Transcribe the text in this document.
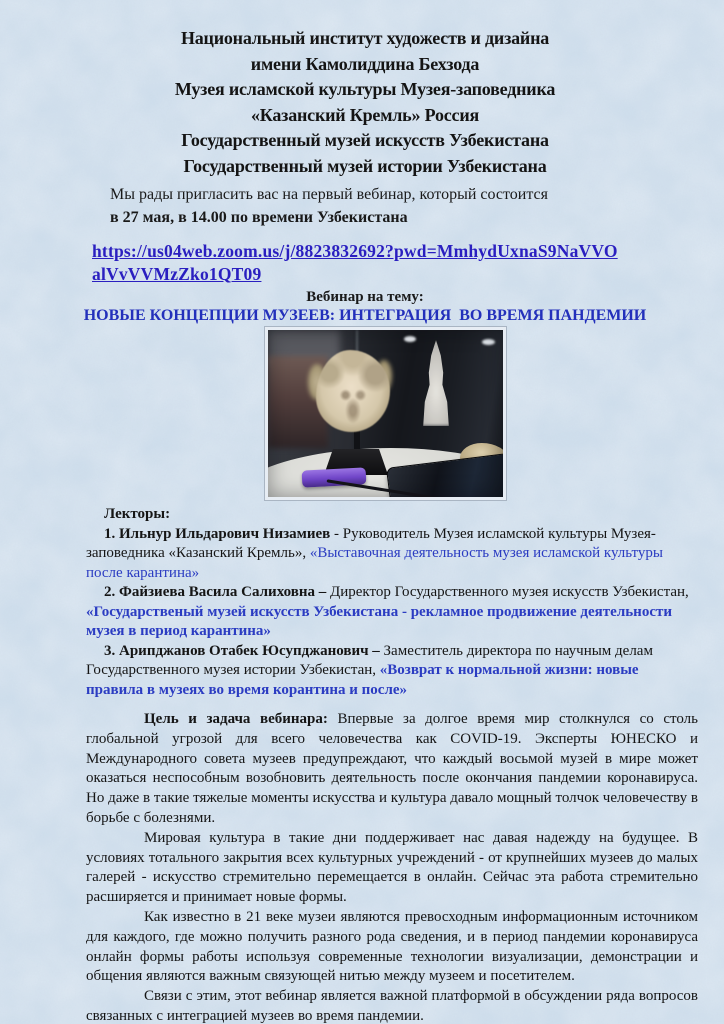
Национальный институт художеств и дизайна
имени Камолиддина Бехзода
Музея исламской культуры Музея-заповедника
«Казанский Кремль» Россия
Государственный музей искусств Узбекистана
Государственный музей истории Узбекистана
Мы рады пригласить вас на первый вебинар, который состоится
в 27 мая, в 14.00 по времени Узбекистана
https://us04web.zoom.us/j/8823832692?pwd=MmhydUxnaS9NaVVO
alVvVVMzZko1QT09
Вебинар на тему:
НОВЫЕ КОНЦЕПЦИИ МУЗЕЕВ: ИНТЕГРАЦИЯ  ВО ВРЕМЯ ПАНДЕМИИ

Лекторы:

1. Ильнур Ильдарович Низамиев - Руководитель Музея исламской культуры Музея-заповедника «Казанский Кремль», «Выставочная деятельность музея исламской культуры после карантина»

2. Файзиева Васила Салиховна – Директор Государственного музея искусств Узбекистан, «Государственый музей искусств Узбекистана - рекламное продвижение деятельности музея в период карантина»

3. Арипджанов Отабек Юсупджанович – Заместитель директора по научным делам Государственного музея истории Узбекистан, «Возврат к нормальной жизни: новые правила в музеях во время корантина и после»

Цель и задача вебинара: Впервые за долгое время мир столкнулся со столь глобальной угрозой для всего человечества как COVID-19. Эксперты ЮНЕСКО и Международного совета музеев предупреждают, что каждый восьмой музей в мире может оказаться неспособным возобновить деятельность после окончания пандемии коронавируса. Но даже в такие тяжелые моменты искусства и культура давало мощный толчок человечеству в борьбе с болезнями.

Мировая культура в такие дни поддерживает нас давая надежду на будущее. В условиях тотального закрытия всех культурных учреждений - от крупнейших музеев до малых галерей - искусство стремительно перемещается в онлайн. Сейчас эта работа стремительно расширяется и принимает новые формы.

Как известно в 21 веке музеи являются превосходным информационным источником для каждого, где можно получить разного рода сведения, и в период пандемии коронавируса онлайн формы работы используя современные технологии визуализации, демонстрации и общения являются важным связующей нитью между музеем и посетителем.

Связи с этим, этот вебинар является важной платформой в обсуждении ряда вопросов связанных с интеграцией музеев во время пандемии.
